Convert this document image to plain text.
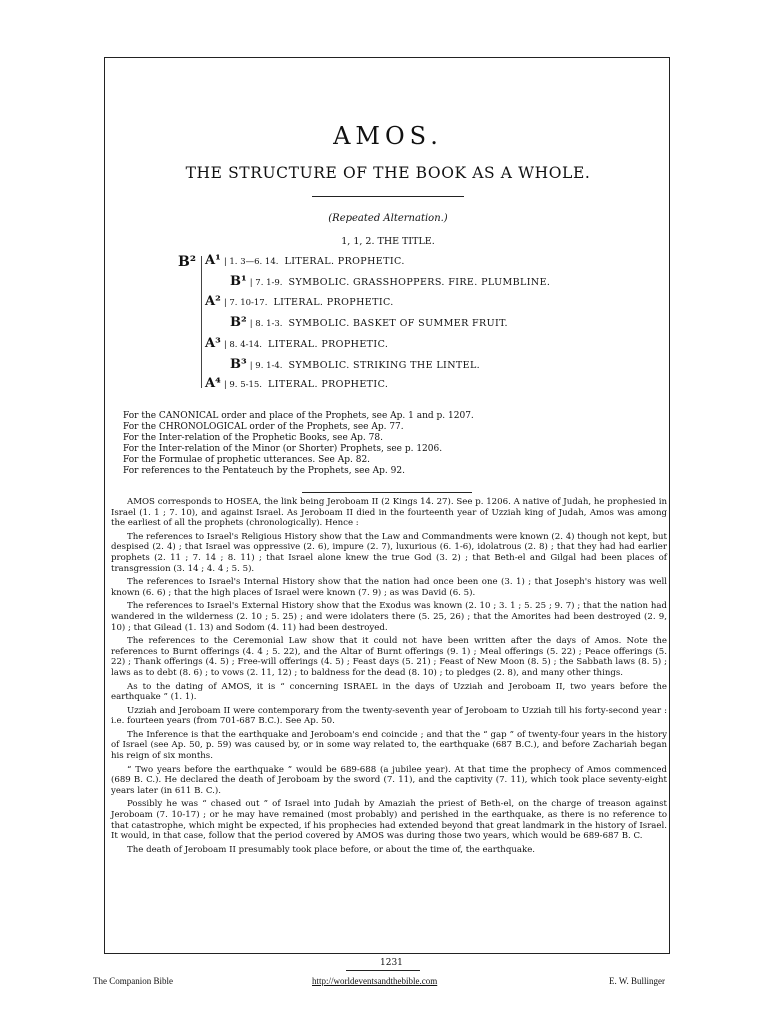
AMOS.
THE STRUCTURE OF THE BOOK AS A WHOLE.
(Repeated Alternation.)
1, 1, 2. THE TITLE.
B² A¹ | 1. 3—6. 14. LITERAL. PROPHETIC.
B¹ | 7. 1-9. SYMBOLIC. GRASSHOPPERS. FIRE. PLUMBLINE.
A² | 7. 10-17. LITERAL. PROPHETIC.
B² | 8. 1-3. SYMBOLIC. BASKET OF SUMMER FRUIT.
A³ | 8. 4-14. LITERAL. PROPHETIC.
B³ | 9. 1-4. SYMBOLIC. STRIKING THE LINTEL.
A⁴ | 9. 5-15. LITERAL. PROPHETIC.
For the CANONICAL order and place of the Prophets, see Ap. 1 and p. 1207.
For the CHRONOLOGICAL order of the Prophets, see Ap. 77.
For the Inter-relation of the Prophetic Books, see Ap. 78.
For the Inter-relation of the Minor (or Shorter) Prophets, see p. 1206.
For the Formulae of prophetic utterances. See Ap. 82.
For references to the Pentateuch by the Prophets, see Ap. 92.

AMOS corresponds to HOSEA, the link being Jeroboam II (2 Kings 14. 27). See p. 1206. A native of Judah, he prophesied in Israel (1. 1 ; 7. 10), and against Israel. As Jeroboam II died in the fourteenth year of Uzziah king of Judah, Amos was among the earliest of all the prophets (chronologically). Hence :

The references to Israel's Religious History show that the Law and Commandments were known (2. 4) though not kept, but despised (2. 4) ; that Israel was oppressive (2. 6), impure (2. 7), luxurious (6. 1-6), idolatrous (2. 8) ; that they had had earlier prophets (2. 11 ; 7. 14 ; 8. 11) ; that Israel alone knew the true God (3. 2) ; that Beth-el and Gilgal had been places of transgression (3. 14 ; 4. 4 ; 5. 5).

The references to Israel's Internal History show that the nation had once been one (3. 1) ; that Joseph's history was well known (6. 6) ; that the high places of Israel were known (7. 9) ; as was David (6. 5).

The references to Israel's External History show that the Exodus was known (2. 10 ; 3. 1 ; 5. 25 ; 9. 7) ; that the nation had wandered in the wilderness (2. 10 ; 5. 25) ; and were idolaters there (5. 25, 26) ; that the Amorites had been destroyed (2. 9, 10) ; that Gilead (1. 13) and Sodom (4. 11) had been destroyed.

The references to the Ceremonial Law show that it could not have been written after the days of Amos. Note the references to Burnt offerings (4. 4 ; 5. 22), and the Altar of Burnt offerings (9. 1) ; Meal offerings (5. 22) ; Peace offerings (5. 22) ; Thank offerings (4. 5) ; Free-will offerings (4. 5) ; Feast days (5. 21) ; Feast of New Moon (8. 5) ; the Sabbath laws (8. 5) ; laws as to debt (8. 6) ; to vows (2. 11, 12) ; to baldness for the dead (8. 10) ; to pledges (2. 8), and many other things.

As to the dating of AMOS, it is “ concerning ISRAEL in the days of Uzziah and Jeroboam II, two years before the earthquake ” (1. 1).

Uzziah and Jeroboam II were contemporary from the twenty-seventh year of Jeroboam to Uzziah till his forty-second year : i.e. fourteen years (from 701-687 B.C.). See Ap. 50.

The Inference is that the earthquake and Jeroboam's end coincide ; and that the “ gap ” of twenty-four years in the history of Israel (see Ap. 50, p. 59) was caused by, or in some way related to, the earthquake (687 B.C.), and before Zachariah began his reign of six months.

“ Two years before the earthquake ” would be 689-688 (a jubilee year). At that time the prophecy of Amos commenced (689 B. C.). He declared the death of Jeroboam by the sword (7. 11), and the captivity (7. 11), which took place seventy-eight years later (in 611 B. C.).

Possibly he was “ chased out ” of Israel into Judah by Amaziah the priest of Beth-el, on the charge of treason against Jeroboam (7. 10-17) ; or he may have remained (most probably) and perished in the earthquake, as there is no reference to that catastrophe, which might be expected, if his prophecies had extended beyond that great landmark in the history of Israel. It would, in that case, follow that the period covered by AMOS was during those two years, which would be 689-687 B. C.

The death of Jeroboam II presumably took place before, or about the time of, the earthquake.

1231
The Companion Bible	http://worldeventsandthebible.com	E. W. Bullinger
